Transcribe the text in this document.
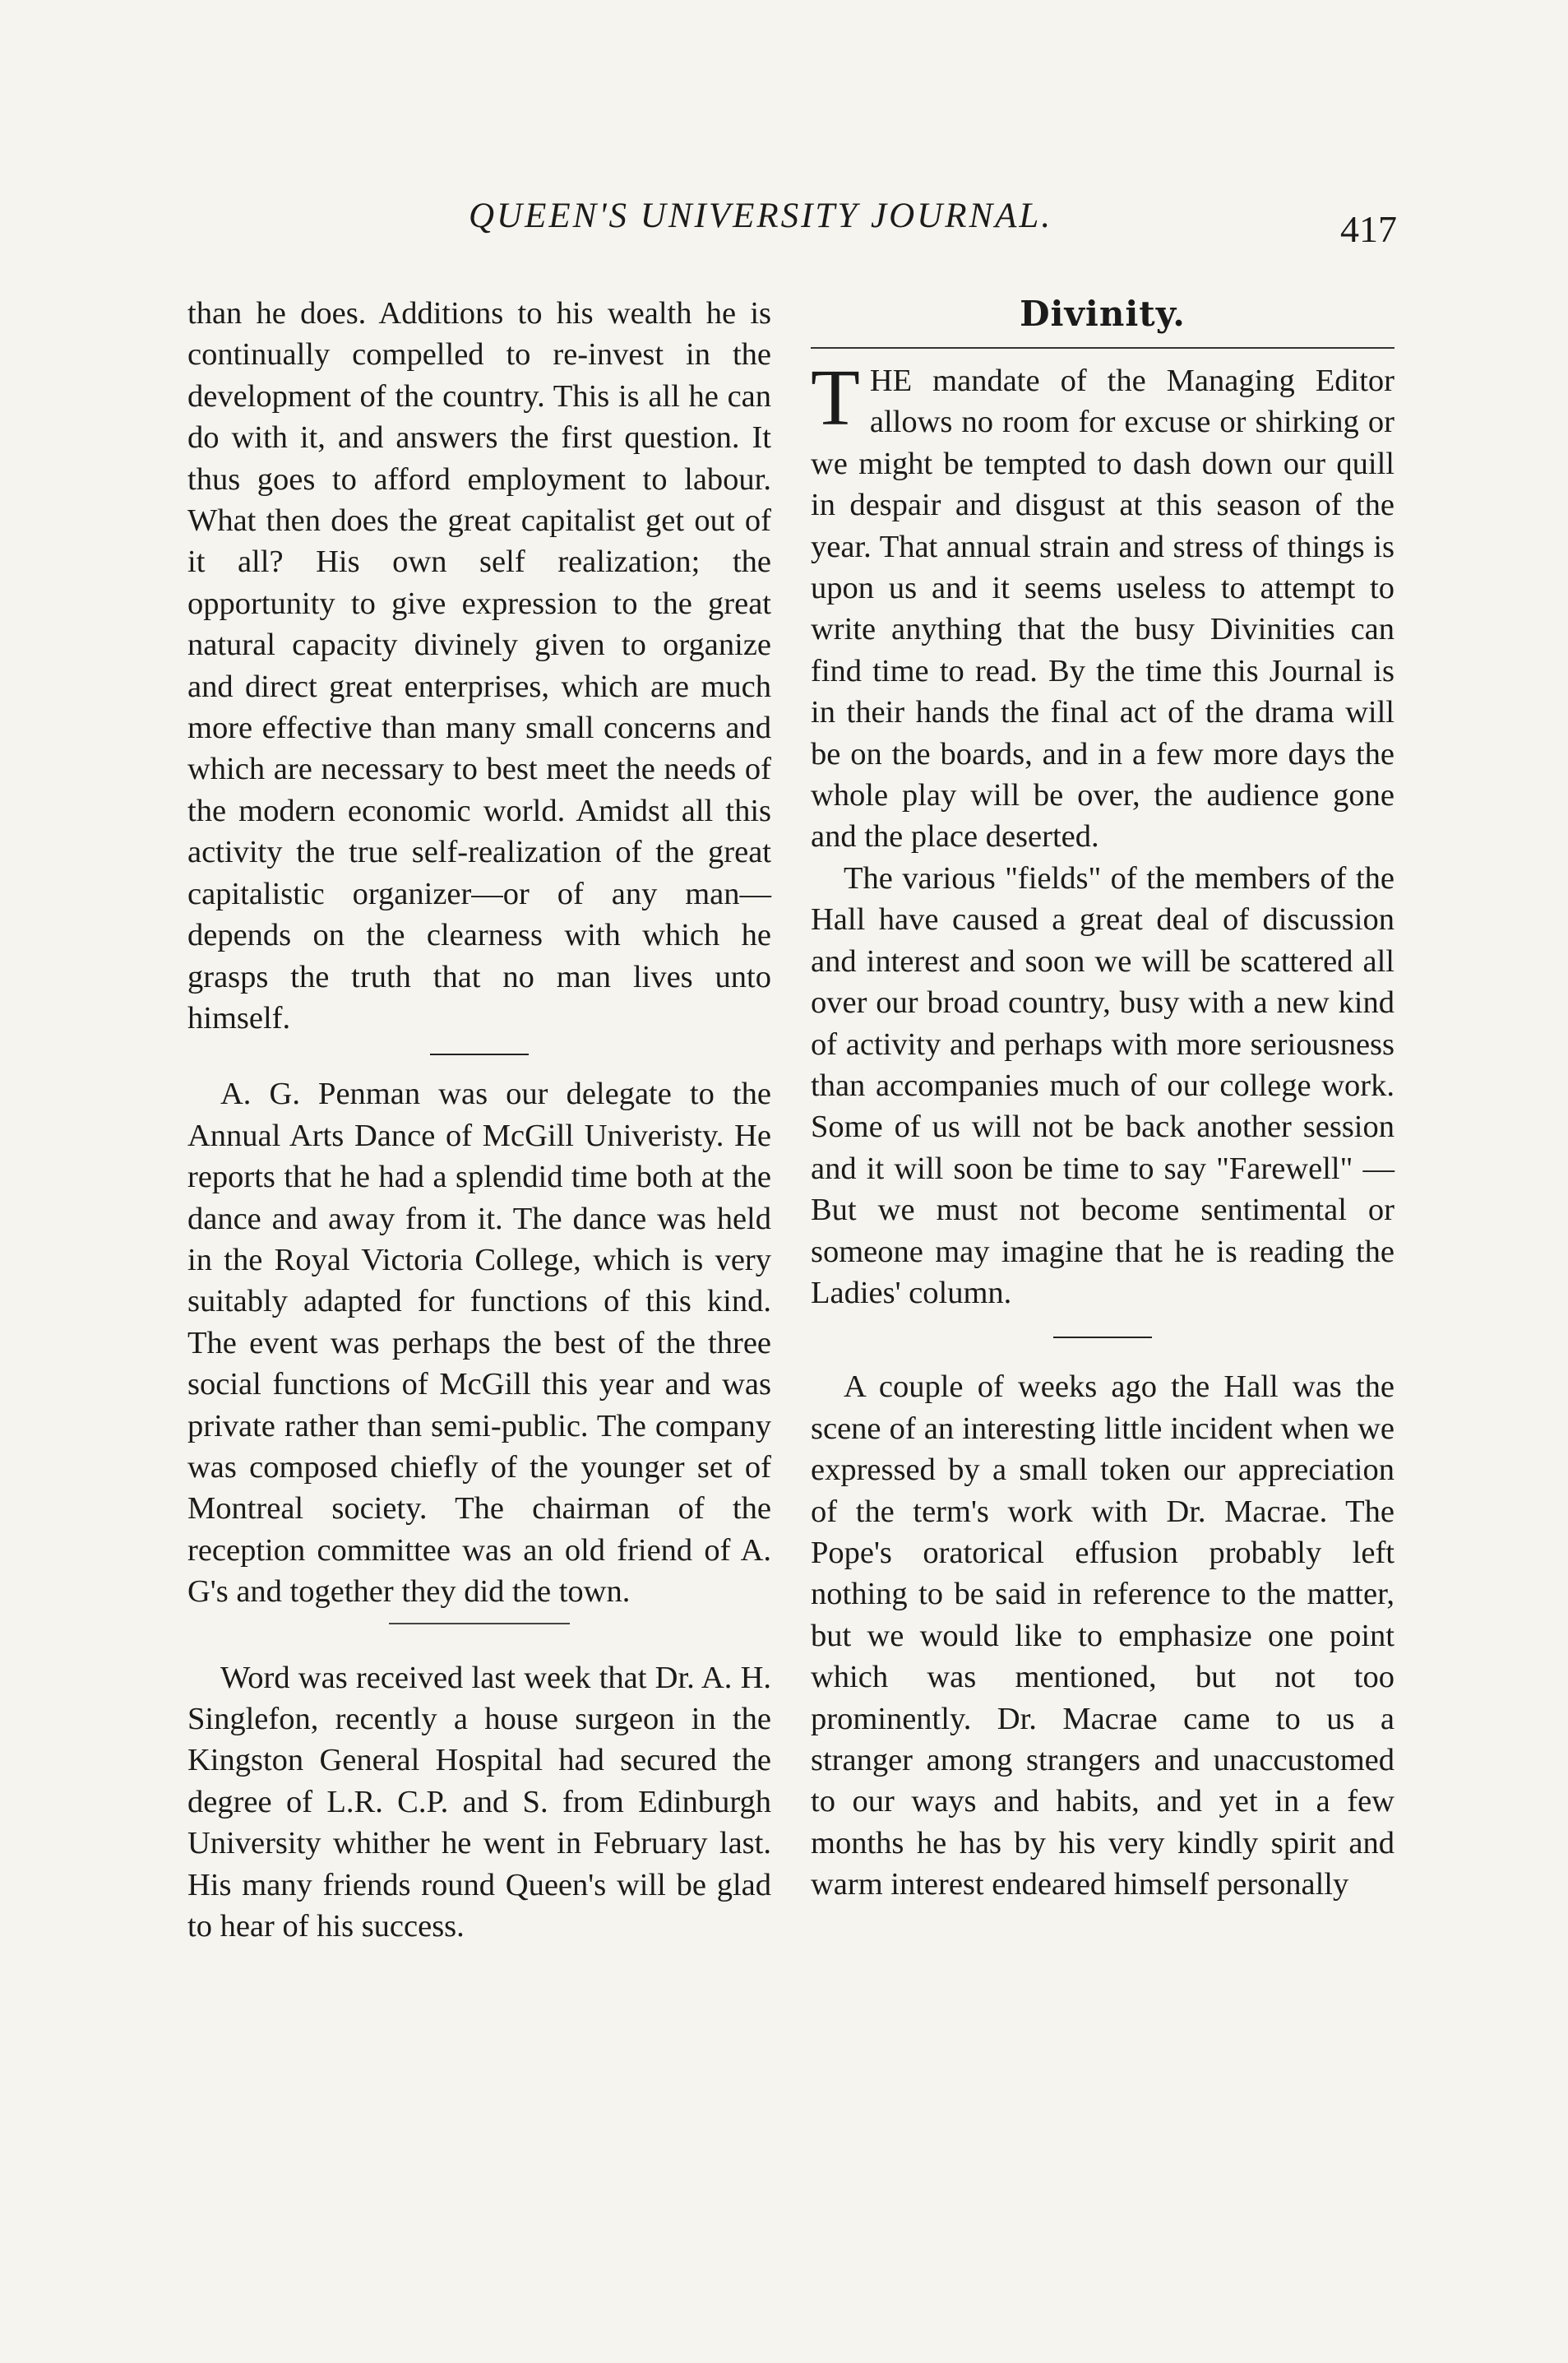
QUEEN'S UNIVERSITY JOURNAL.	417

than he does. Additions to his wealth he is continually compelled to re-invest in the development of the country. This is all he can do with it, and answers the first question. It thus goes to afford employment to labour. What then does the great capitalist get out of it all? His own self realization; the opportunity to give expression to the great natural capacity divinely given to organize and direct great enterprises, which are much more effective than many small concerns and which are necessary to best meet the needs of the modern economic world. Amidst all this activity the true self-realization of the great capitalistic organizer—or of any man—depends on the clearness with which he grasps the truth that no man lives unto himself.

A. G. Penman was our delegate to the Annual Arts Dance of McGill Univeristy. He reports that he had a splendid time both at the dance and away from it. The dance was held in the Royal Victoria College, which is very suitably adapted for functions of this kind. The event was perhaps the best of the three social functions of McGill this year and was private rather than semi-public. The company was composed chiefly of the younger set of Montreal society. The chairman of the reception committee was an old friend of A. G's and together they did the town.

Word was received last week that Dr. A. H. Singlefon, recently a house surgeon in the Kingston General Hospital had secured the degree of L.R. C.P. and S. from Edinburgh University whither he went in February last. His many friends round Queen's will be glad to hear of his success.

Divinity.

THE mandate of the Managing Editor allows no room for excuse or shirking or we might be tempted to dash down our quill in despair and disgust at this season of the year. That annual strain and stress of things is upon us and it seems useless to attempt to write anything that the busy Divinities can find time to read. By the time this Journal is in their hands the final act of the drama will be on the boards, and in a few more days the whole play will be over, the audience gone and the place deserted.

The various "fields" of the members of the Hall have caused a great deal of discussion and interest and soon we will be scattered all over our broad country, busy with a new kind of activity and perhaps with more seriousness than accompanies much of our college work. Some of us will not be back another session and it will soon be time to say "Farewell" —But we must not become sentimental or someone may imagine that he is reading the Ladies' column.

A couple of weeks ago the Hall was the scene of an interesting little incident when we expressed by a small token our appreciation of the term's work with Dr. Macrae. The Pope's oratorical effusion probably left nothing to be said in reference to the matter, but we would like to emphasize one point which was mentioned, but not too prominently. Dr. Macrae came to us a stranger among strangers and unaccustomed to our ways and habits, and yet in a few months he has by his very kindly spirit and warm interest endeared himself personally
